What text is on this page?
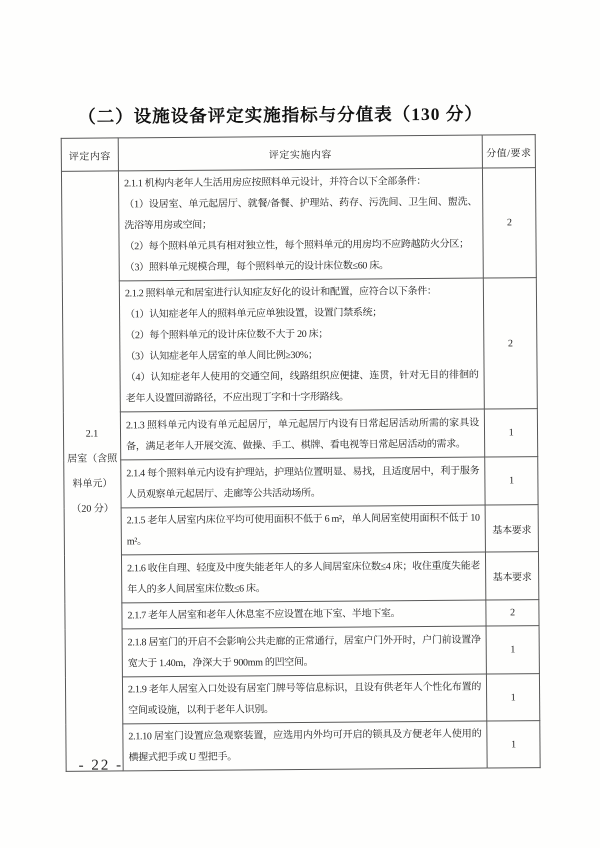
（二）设施设备评定实施指标与分值表（130 分）
评定内容	评定实施内容	分值/要求

2.1
居室（含照
料单元）
（20 分）

2.1.1 机构内老年人生活用房应按照料单元设计，并符合以下全部条件：

（1）设居室、单元起居厅、就餐/备餐、护理站、药存、污洗间、卫生间、盥洗、洗浴等用房或空间；

（2）每个照料单元具有相对独立性，每个照料单元的用房均不应跨越防火分区；

（3）照料单元规模合理，每个照料单元的设计床位数≤60 床。

	2

	2.1.2 照料单元和居室进行认知症友好化的设计和配置，应符合以下条件：

（1）认知症老年人的照料单元应单独设置，设置门禁系统；

（2）每个照料单元的设计床位数不大于 20 床；

（3）认知症老年人居室的单人间比例≥30%；

（4）认知症老年人使用的交通空间，线路组织应便捷、连贯，针对无目的徘徊的老年人设置回游路径，不应出现丁字和十字形路线。	2

	2.1.3 照料单元内设有单元起居厅，单元起居厅内设有日常起居活动所需的家具设备，满足老年人开展交流、做操、手工、棋牌、看电视等日常起居活动的需求。	1

	2.1.4 每个照料单元内设有护理站，护理站位置明显、易找，且适度居中，利于服务人员观察单元起居厅、走廊等公共活动场所。	1

	2.1.5 老年人居室内床位平均可使用面积不低于 6 m²，单人间居室使用面积不低于 10 m²。	基本要求

	2.1.6 收住自理、轻度及中度失能老年人的多人间居室床位数≤4 床；收住重度失能老年人的多人间居室床位数≤6 床。	基本要求

	2.1.7 老年人居室和老年人休息室不应设置在地下室、半地下室。	2

	2.1.8 居室门的开启不会影响公共走廊的正常通行，居室户门外开时，户门前设置净宽大于 1.40m，净深大于 900mm 的凹空间。	1

	2.1.9 老年人居室入口处设有居室门牌号等信息标识，且设有供老年人个性化布置的空间或设施，以利于老年人识别。	1

	2.1.10 居室门设置应急观察装置，应选用内外均可开启的锁具及方便老年人使用的横握式把手或 U 型把手。	1
- 22 -
